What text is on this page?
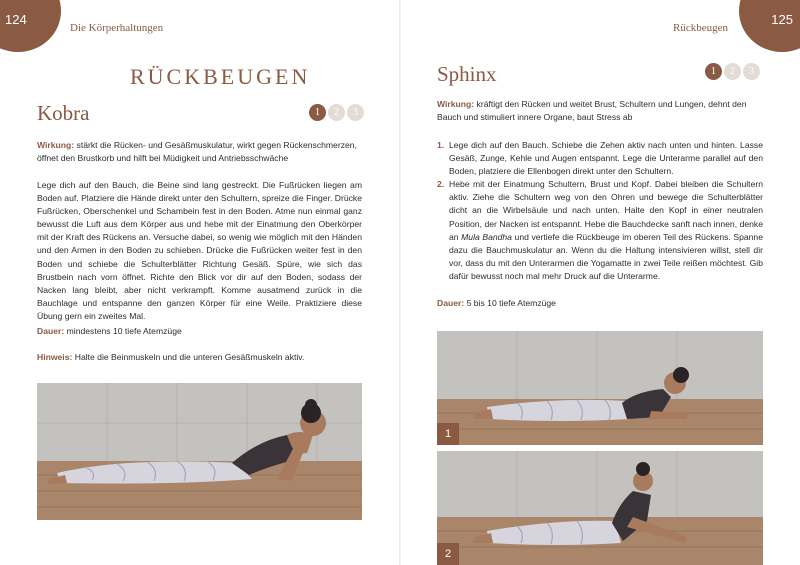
124
Die Körperhaltungen
RÜCKBEUGEN
Kobra	1	2	3
Wirkung: stärkt die Rücken- und Gesäßmuskulatur, wirkt gegen Rückenschmerzen, öffnet den Brustkorb und hilft bei Müdigkeit und Antriebsschwäche
Lege dich auf den Bauch, die Beine sind lang gestreckt. Die Fußrücken liegen am Boden auf. Platziere die Hände direkt unter den Schultern, spreize die Finger. Drücke Fußrücken, Oberschenkel und Schambein fest in den Boden. Atme nun einmal ganz bewusst die Luft aus dem Körper aus und hebe mit der Einatmung den Oberkörper mit der Kraft des Rückens an. Versuche dabei, so wenig wie möglich mit den Händen und den Armen in den Boden zu schieben. Drücke die Fußrücken weiter fest in den Boden und schiebe die Schulterblätter Richtung Gesäß. Spüre, wie sich das Brustbein nach vorn öffnet. Richte den Blick vor dir auf den Boden, sodass der Nacken lang bleibt, aber nicht verkrampft. Komme ausatmend zurück in die Bauchlage und entspanne den ganzen Körper für eine Weile. Praktiziere diese Übung gern ein zweites Mal.
Dauer: mindestens 10 tiefe Atemzüge
Hinweis: Halte die Beinmuskeln und die unteren Gesäßmuskeln aktiv.
125
Rückbeugen
Sphinx	1	2	3
Wirkung: kräftigt den Rücken und weitet Brust, Schultern und Lungen, dehnt den Bauch und stimuliert innere Organe, baut Stress ab
1. Lege dich auf den Bauch. Schiebe die Zehen aktiv nach unten und hinten. Lasse Gesäß, Zunge, Kehle und Augen entspannt. Lege die Unterarme parallel auf den Boden, platziere die Ellenbogen direkt unter den Schultern.
2. Hebe mit der Einatmung Schultern, Brust und Kopf. Dabei bleiben die Schultern aktiv. Ziehe die Schultern weg von den Ohren und bewege die Schulterblätter dicht an die Wirbelsäule und nach unten. Halte den Kopf in einer neutralen Position, der Nacken ist entspannt. Hebe die Bauchdecke sanft nach innen, denke an Mula Bandha und vertiefe die Rückbeuge im oberen Teil des Rückens. Spanne dazu die Bauchmuskulatur an. Wenn du die Haltung intensivieren willst, stell dir vor, dass du mit den Unterarmen die Yogamatte in zwei Teile reißen möchtest. Gib dafür bewusst noch mal mehr Druck auf die Unterarme.
Dauer: 5 bis 10 tiefe Atemzüge
1
2
